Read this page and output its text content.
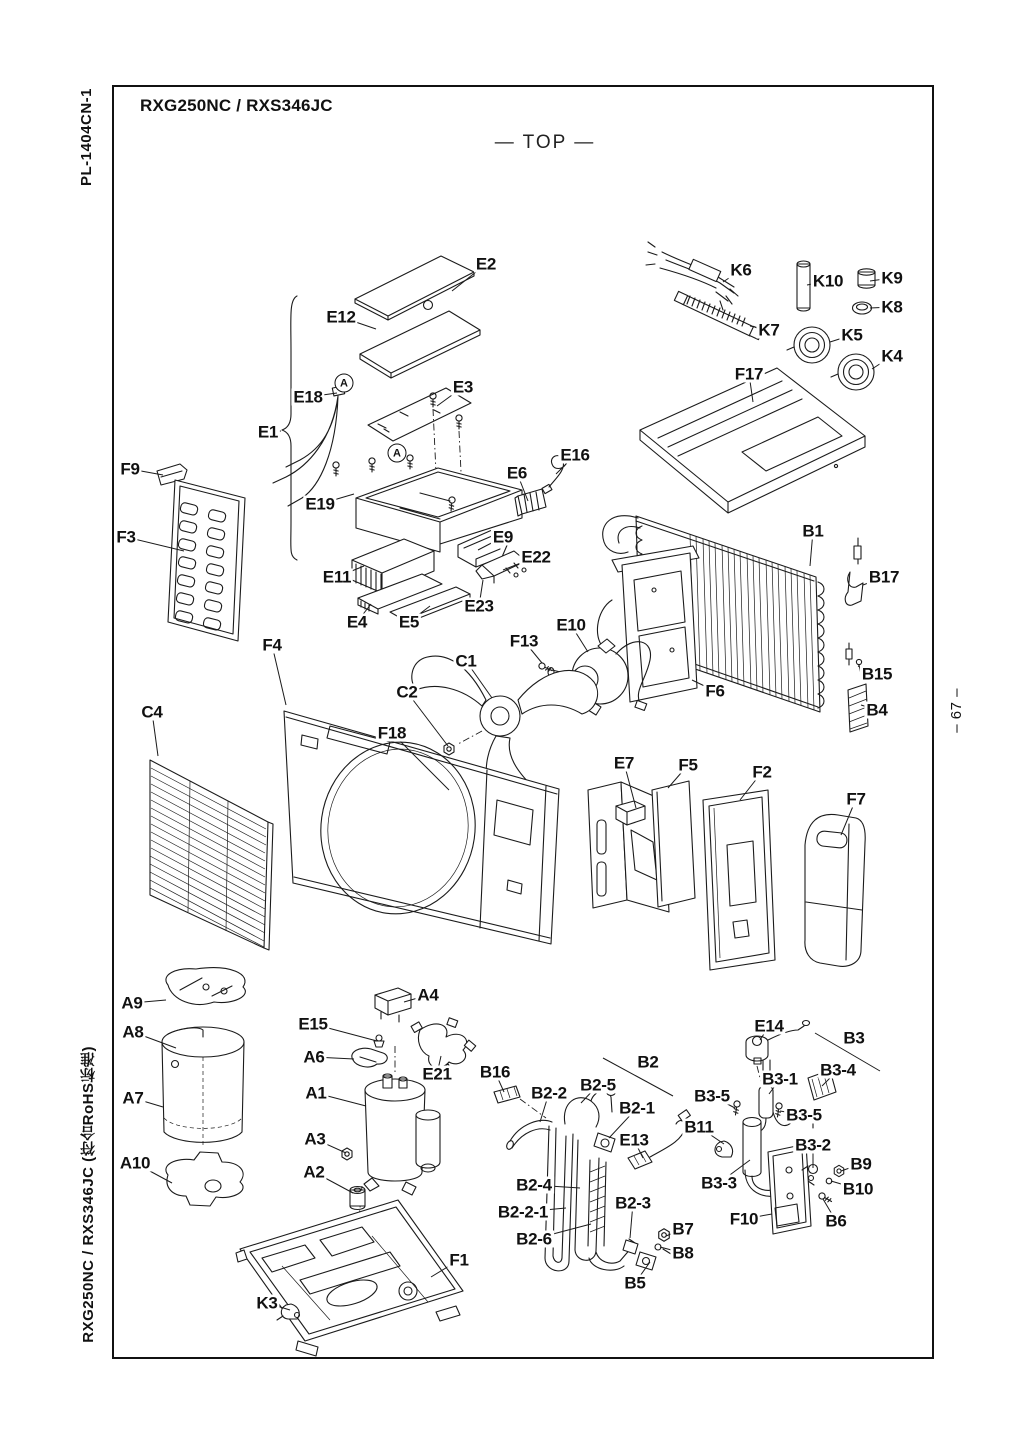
PL-1404CN-1
RXG250NC / RXS346JC (符合RoHS标准)
– 67 –
RXG250NC / RXS346JC
— TOP —
E2
E12
E18
E3
E1
F9
F3
E19
E6
E16
E9
E22
E11
E23
E4 E5	E10
F13
F4
C1
C2
F18
C4
B1
B17
F6
B15
B4
E7	F5	F2
F7
A9
A8
A7
A10
A4
E15
A6
E21
A1
A3
A2
B16
B2-2 B2-5
B2
B2-1
E13
B2-4
B2-2-1
B2-6
B2-3
B7
B8
B5
F1
K3
E14
B3
B3-1 B3-4
B3-5
B3-5
B11
B3-2
B9
B10
B3-3
F10	B6
K6
K10 K9
K8
K7	K5
K4
F17
A
A
